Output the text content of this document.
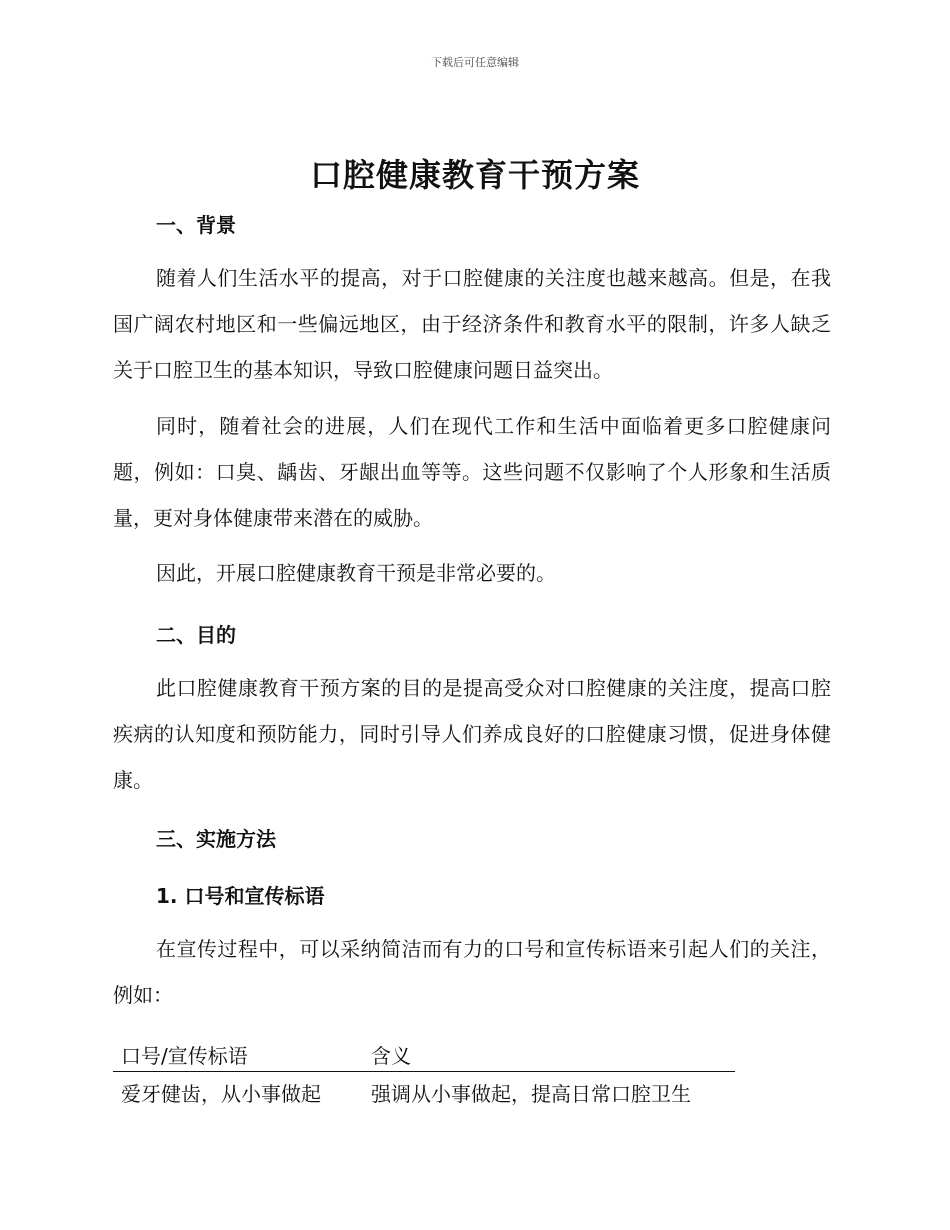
下载后可任意编辑
口腔健康教育干预方案
一、背景

随着人们生活水平的提高，对于口腔健康的关注度也越来越高。但是，在我国广阔农村地区和一些偏远地区，由于经济条件和教育水平的限制，许多人缺乏关于口腔卫生的基本知识，导致口腔健康问题日益突出。

同时，随着社会的进展，人们在现代工作和生活中面临着更多口腔健康问题，例如：口臭、龋齿、牙龈出血等等。这些问题不仅影响了个人形象和生活质量，更对身体健康带来潜在的威胁。

因此，开展口腔健康教育干预是非常必要的。

二、目的

此口腔健康教育干预方案的目的是提高受众对口腔健康的关注度，提高口腔疾病的认知度和预防能力，同时引导人们养成良好的口腔健康习惯，促进身体健康。

三、实施方法
1. 口号和宣传标语

在宣传过程中，可以采纳简洁而有力的口号和宣传标语来引起人们的关注，例如：

口号/宣传标语	含义
爱牙健齿，从小事做起	强调从小事做起，提高日常口腔卫生
